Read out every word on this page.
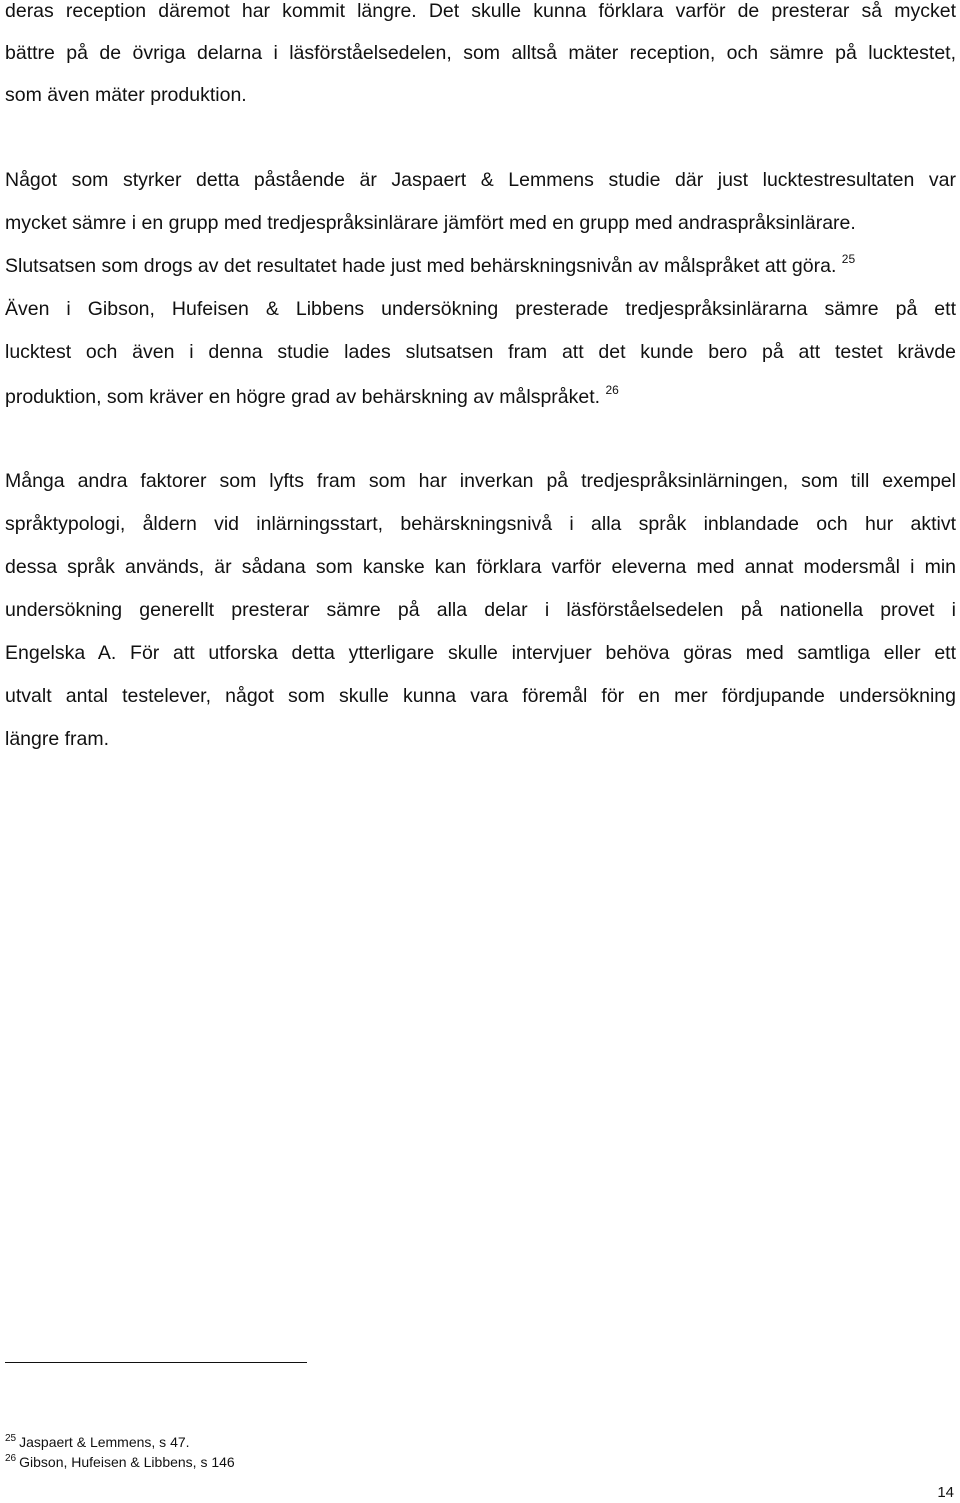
deras reception däremot har kommit längre. Det skulle kunna förklara varför de presterar så mycket
bättre på de övriga delarna i läsförståelsedelen, som alltså mäter reception, och sämre på lucktestet,
som även mäter produktion.
Något som styrker detta påstående är Jaspaert & Lemmens studie där just lucktestresultaten var
mycket sämre i en grupp med tredjespråksinlärare jämfört med en grupp med andraspråksinlärare.
Slutsatsen som drogs av det resultatet hade just med behärskningsnivån av målspråket att göra. $^{25}$
Även i Gibson, Hufeisen & Libbens undersökning presterade tredjespråksinlärarna sämre på ett
lucktest och även i denna studie lades slutsatsen fram att det kunde bero på att testet krävde
produktion, som kräver en högre grad av behärskning av målspråket. $^{26}$
Många andra faktorer som lyfts fram som har inverkan på tredjespråksinlärningen, som till exempel
språktypologi, åldern vid inlärningsstart, behärskningsnivå i alla språk inblandade och hur aktivt
dessa språk används, är sådana som kanske kan förklara varför eleverna med annat modersmål i min
undersökning generellt presterar sämre på alla delar i läsförståelsedelen på nationella provet i
Engelska A. För att utforska detta ytterligare skulle intervjuer behöva göras med samtliga eller ett
utvalt antal testelever, något som skulle kunna vara föremål för en mer fördjupande undersökning
längre fram.
$^{25}$ Jaspaert & Lemmens, s 47.
$^{26}$ Gibson, Hufeisen & Libbens, s 146
14
